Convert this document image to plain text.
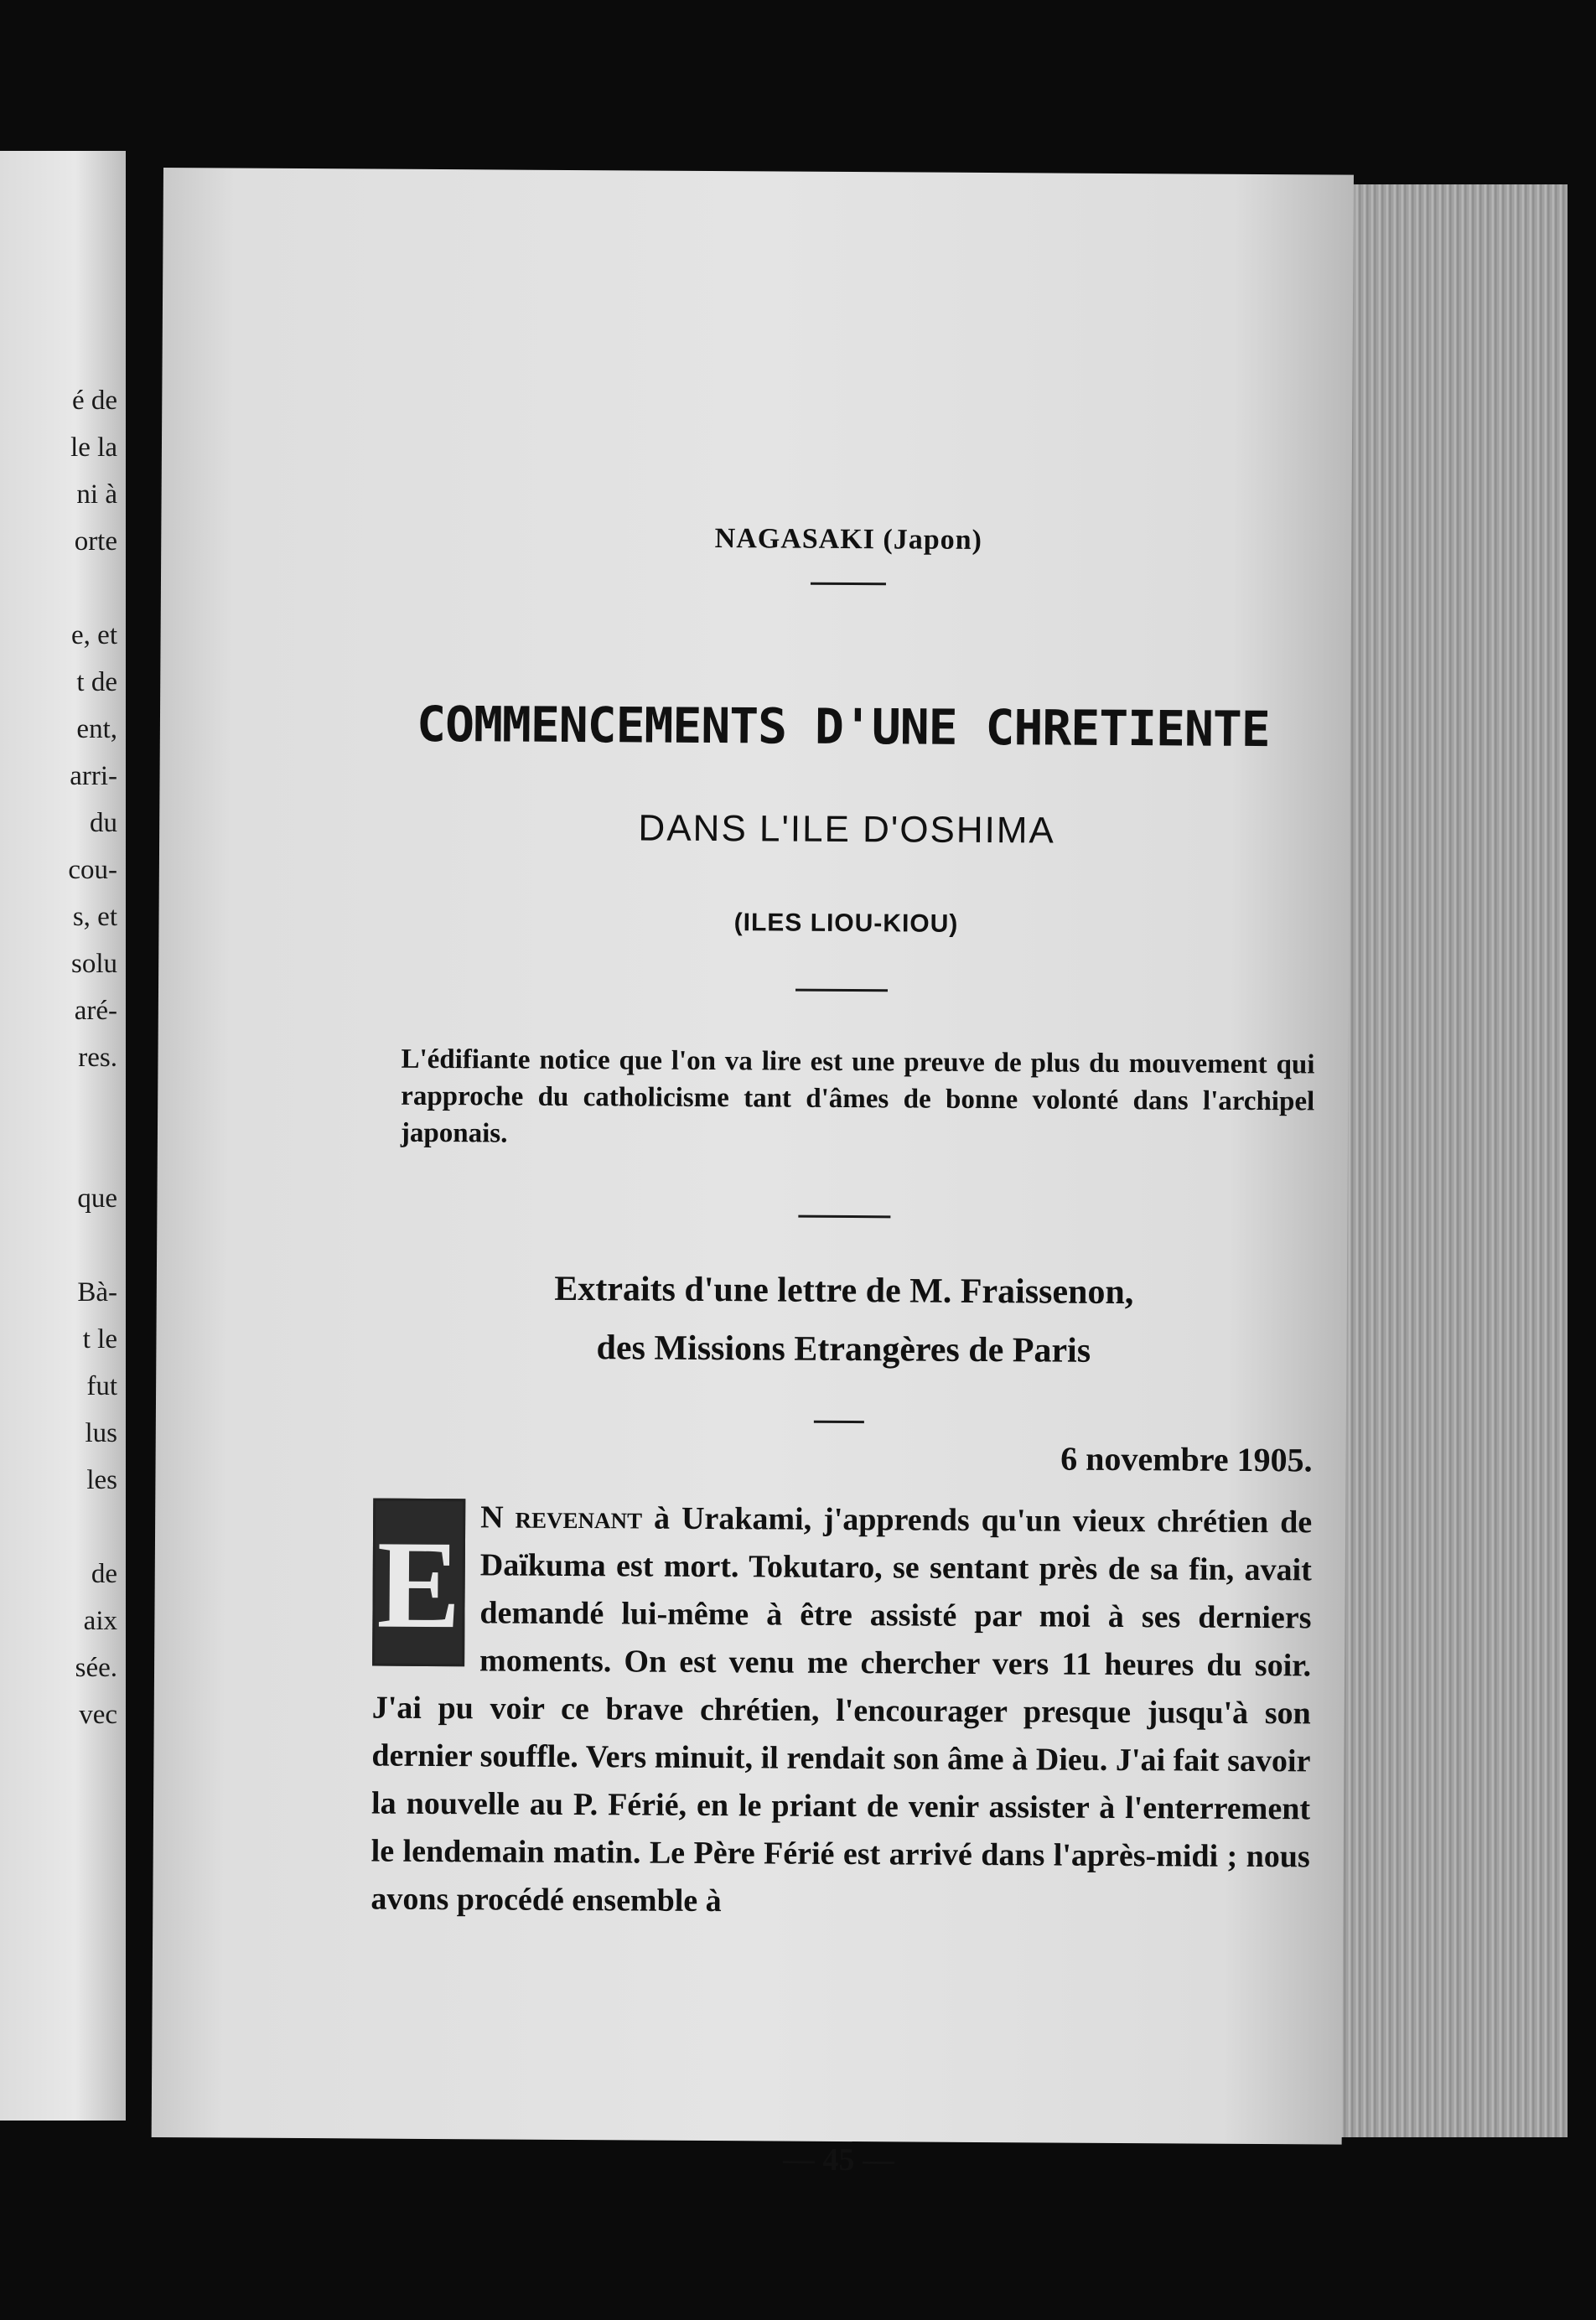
é de
le la
ni à
orte
e, et
t de
ent,
arri-
du
cou-
s, et
solu
aré-
res.
que
Bà-
t le
fut
lus
les
de
aix
sée.
vec
NAGASAKI (Japon)
COMMENCEMENTS D'UNE CHRETIENTE
DANS L'ILE D'OSHIMA
(ILES LIOU-KIOU)
L'édifiante notice que l'on va lire est une preuve de plus du mouvement qui rapproche du catholicisme tant d'âmes de bonne volonté dans l'archipel japonais.
Extraits d'une lettre de M. Fraissenon,
des Missions Etrangères de Paris
6 novembre 1905.
E N revenant à Urakami, j'apprends qu'un vieux chrétien de Daïkuma est mort. Tokutaro, se sentant près de sa fin, avait demandé lui-même à être assisté par moi à ses derniers moments. On est venu me chercher vers 11 heures du soir. J'ai pu voir ce brave chrétien, l'encourager presque jusqu'à son dernier souffle. Vers minuit, il rendait son âme à Dieu. J'ai fait savoir la nouvelle au P. Férié, en le priant de venir assister à l'enterrement le lendemain matin. Le Père Férié est arrivé dans l'après-midi ; nous avons procédé ensemble à
— 45 —
